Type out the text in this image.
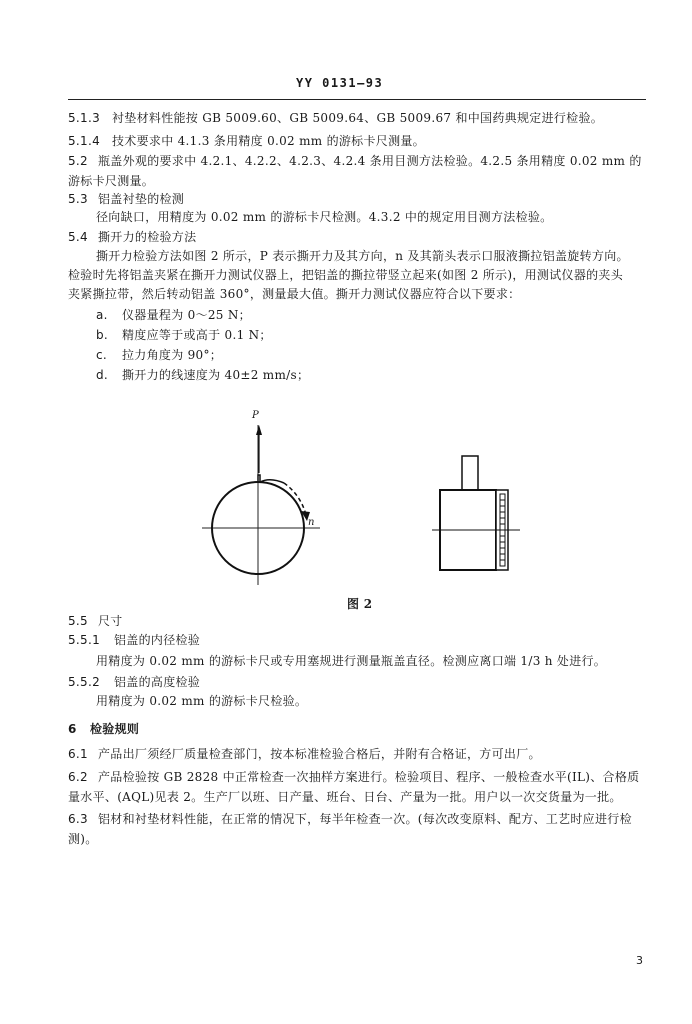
YY 0131—93
5.1.3 衬垫材料性能按 GB 5009.60、GB 5009.64、GB 5009.67 和中国药典规定进行检验。
5.1.4 技术要求中 4.1.3 条用精度 0.02 mm 的游标卡尺测量。
5.2 瓶盖外观的要求中 4.2.1、4.2.2、4.2.3、4.2.4 条用目测方法检验。4.2.5 条用精度 0.02 mm 的
游标卡尺测量。
5.3 铝盖衬垫的检测
径向缺口，用精度为 0.02 mm 的游标卡尺检测。4.3.2 中的规定用目测方法检验。
5.4 撕开力的检验方法
撕开力检验方法如图 2 所示，P 表示撕开力及其方向，n 及其箭头表示口服液撕拉铝盖旋转方向。
检验时先将铝盖夹紧在撕开力测试仪器上，把铝盖的撕拉带竖立起来(如图 2 所示)，用测试仪器的夹头
夹紧撕拉带，然后转动铝盖 360°，测量最大值。撕开力测试仪器应符合以下要求：
a. 仪器量程为 0～25 N；
b. 精度应等于或高于 0.1 N；
c. 拉力角度为 90°；
d. 撕开力的线速度为 40±2 mm/s；
P
n
图 2
5.5 尺寸
5.5.1 铝盖的内径检验
用精度为 0.02 mm 的游标卡尺或专用塞规进行测量瓶盖直径。检测应离口端 1/3 h 处进行。
5.5.2 铝盖的高度检验
用精度为 0.02 mm 的游标卡尺检验。
6 检验规则
6.1 产品出厂须经厂质量检查部门，按本标准检验合格后，并附有合格证，方可出厂。
6.2 产品检验按 GB 2828 中正常检查一次抽样方案进行。检验项目、程序、一般检查水平(IL)、合格质
量水平、(AQL)见表 2。生产厂以班、日产量、班台、日台、产量为一批。用户以一次交货量为一批。
6.3 铝材和衬垫材料性能，在正常的情况下，每半年检查一次。(每次改变原料、配方、工艺时应进行检
测)。
3
